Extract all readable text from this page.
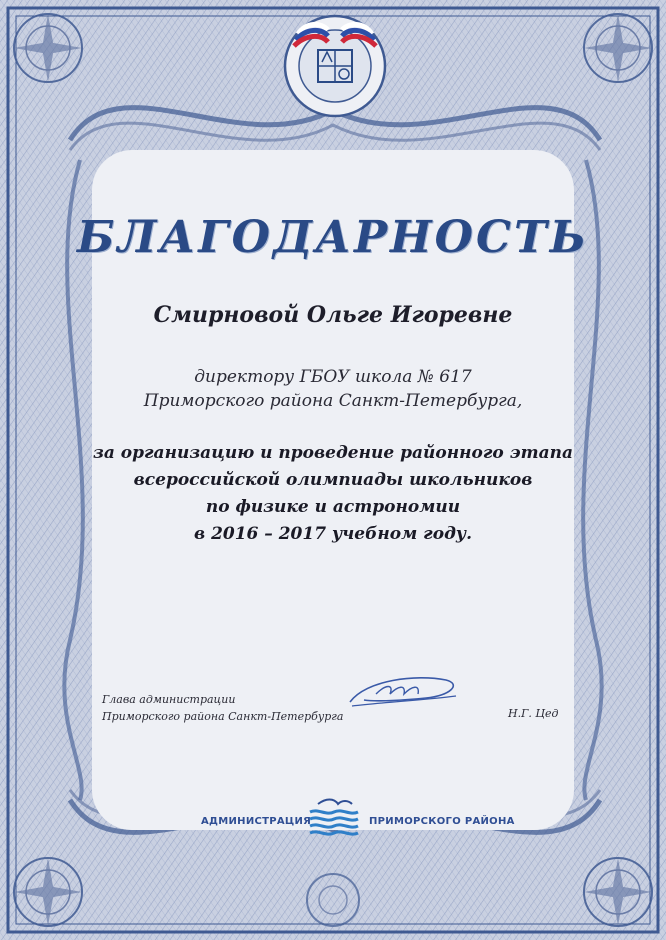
БЛАГОДАРНОСТЬ
Смирновой Ольге Игоревне
директору ГБОУ школа № 617
Приморского района Санкт-Петербурга,
за организацию и проведение районного этапа
всероссийской олимпиады школьников
по физике и астрономии
в 2016 – 2017 учебном году.
Глава администрации
Приморского района Санкт-Петербурга	Н.Г. Цед
АДМИНИСТРАЦИЯ	ПРИМОРСКОГО РАЙОНА
